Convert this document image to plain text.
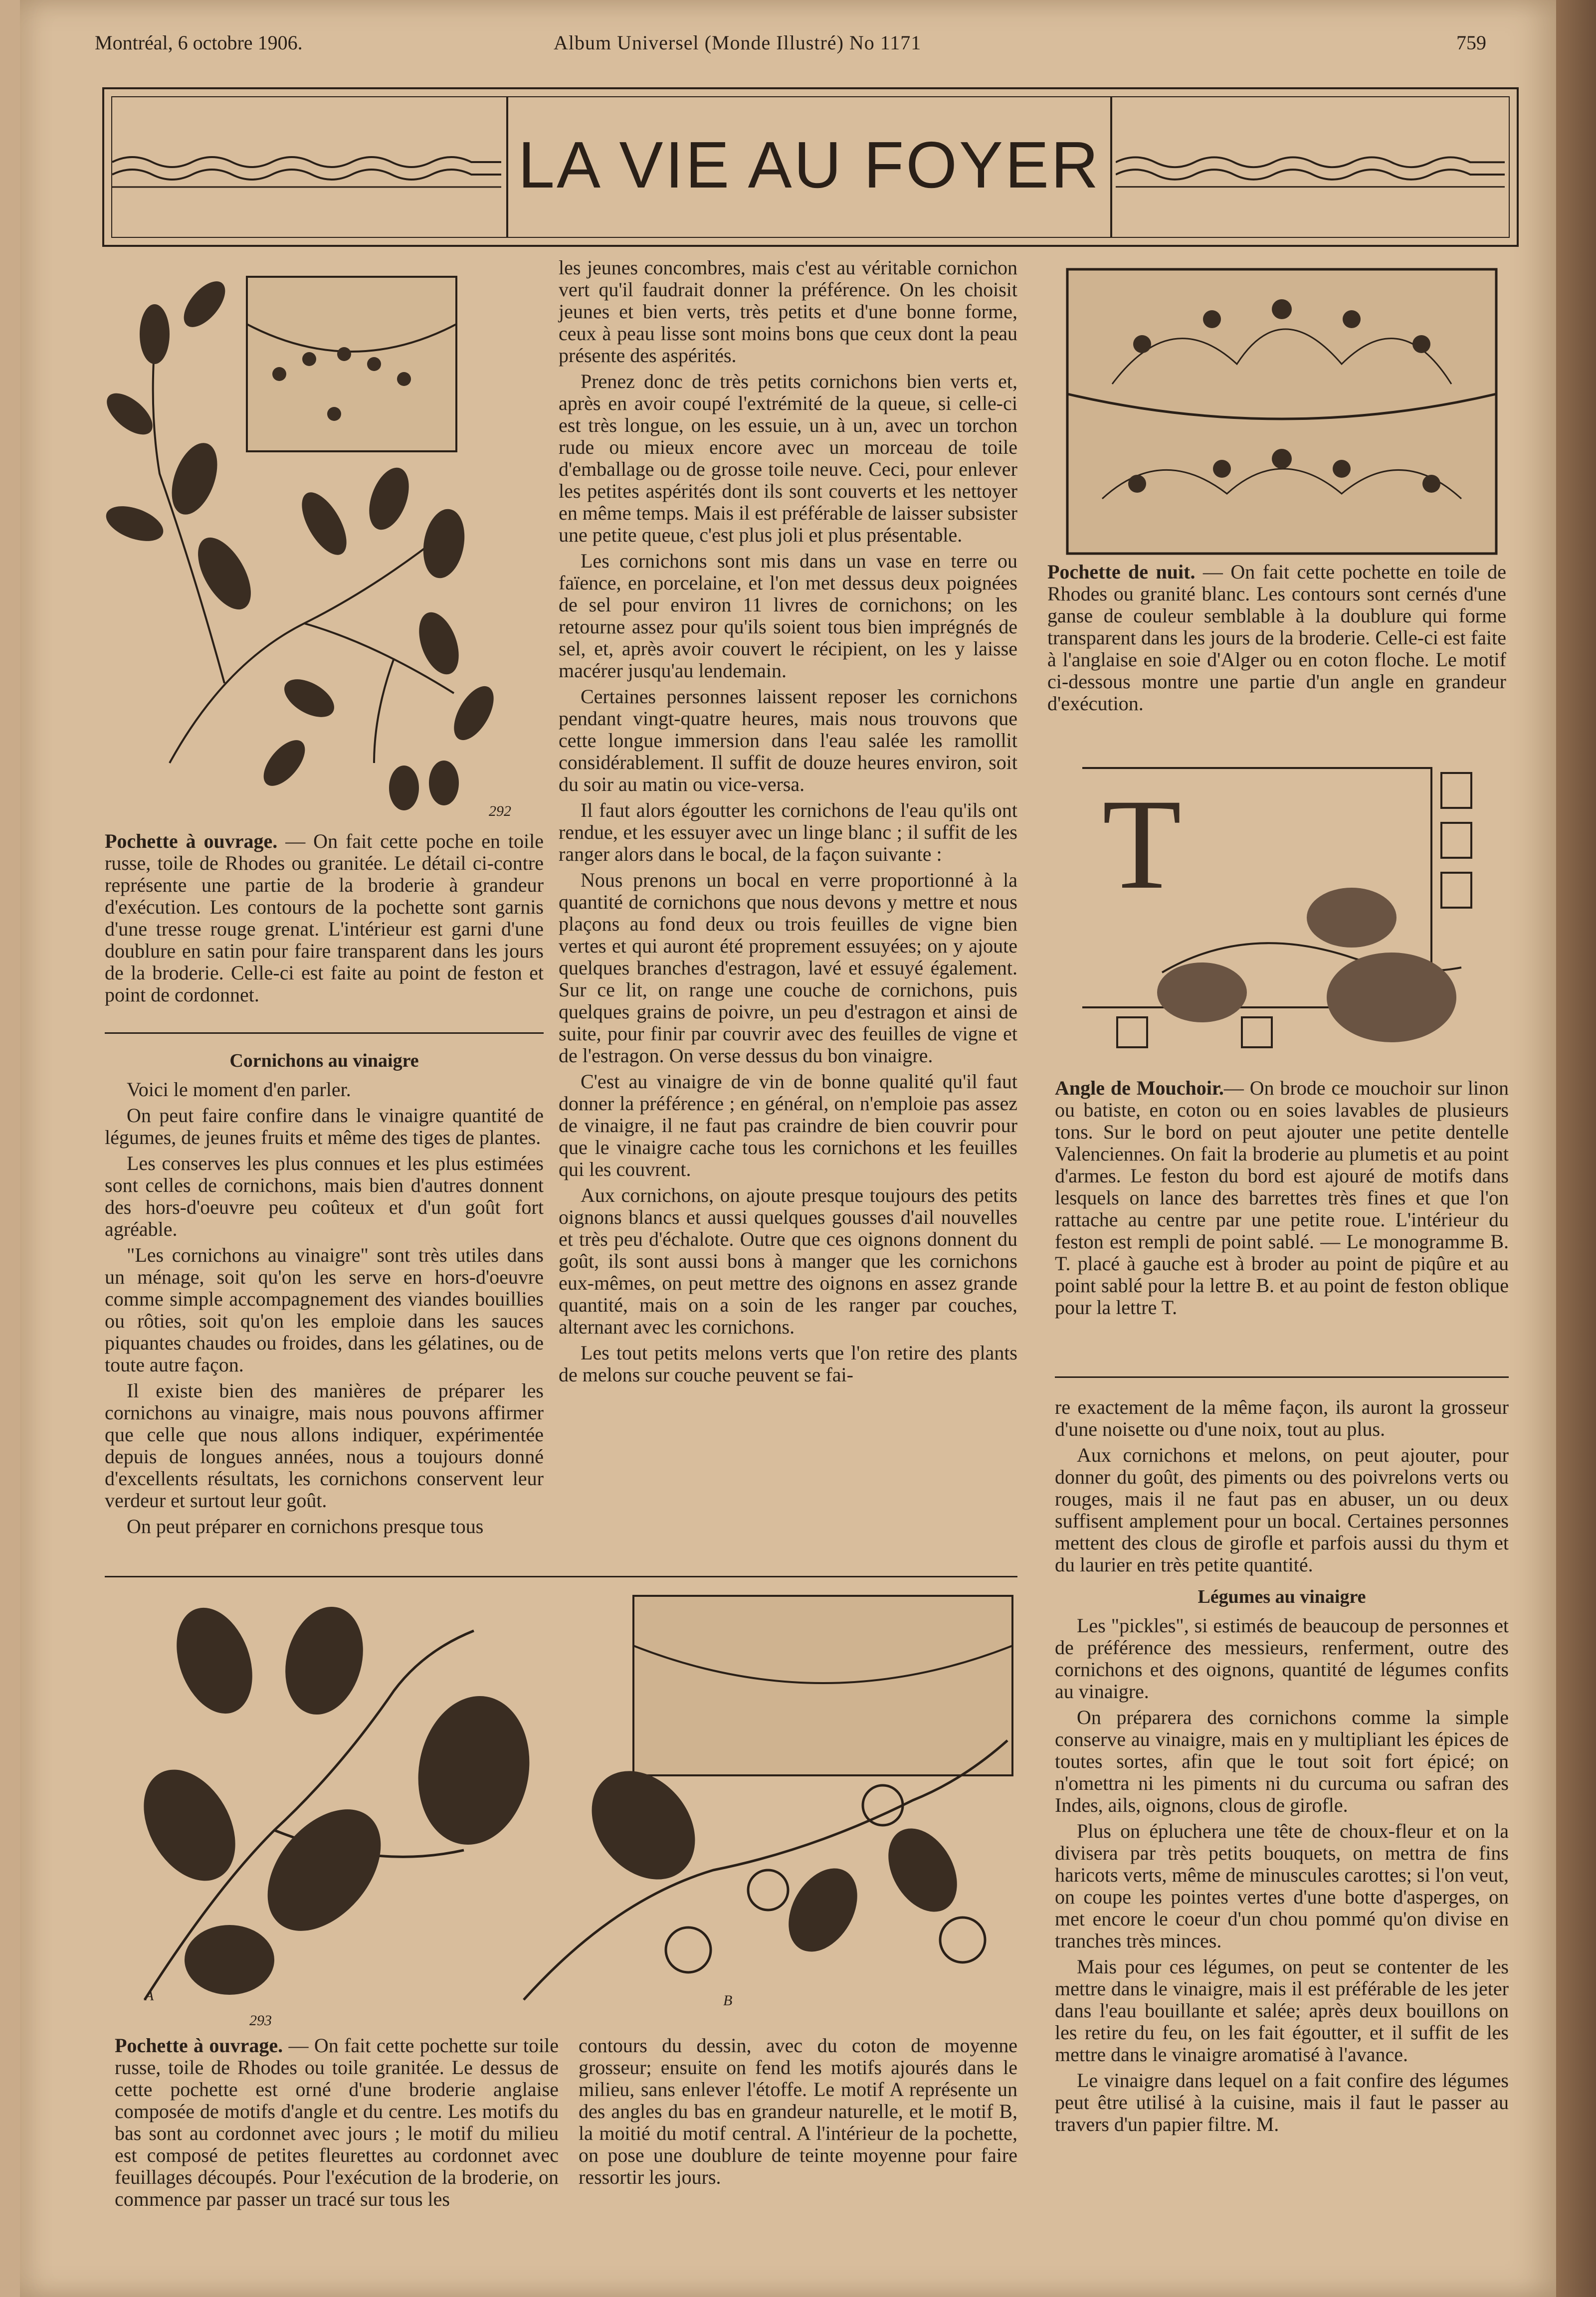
Montréal, 6 octobre 1906.	Album Universel (Monde Illustré) No 1171	759
LA VIE AU FOYER
292

Pochette à ouvrage. — On fait cette poche en toile russe, toile de Rhodes ou granitée. Le détail ci-contre représente une partie de la broderie à grandeur d'exécution. Les contours de la pochette sont garnis d'une tresse rouge grenat. L'intérieur est garni d'une doublure en satin pour faire transparent dans les jours de la broderie. Celle-ci est faite au point de feston et point de cordonnet.

Cornichons au vinaigre

Voici le moment d'en parler.

On peut faire confire dans le vinaigre quantité de légumes, de jeunes fruits et même des tiges de plantes.

Les conserves les plus connues et les plus estimées sont celles de cornichons, mais bien d'autres donnent des hors-d'oeuvre peu coûteux et d'un goût fort agréable.

"Les cornichons au vinaigre" sont très utiles dans un ménage, soit qu'on les serve en hors-d'oeuvre comme simple accompagnement des viandes bouillies ou rôties, soit qu'on les emploie dans les sauces piquantes chaudes ou froides, dans les gélatines, ou de toute autre façon.

Il existe bien des manières de préparer les cornichons au vinaigre, mais nous pouvons affirmer que celle que nous allons indiquer, expérimentée depuis de longues années, nous a toujours donné d'excellents résultats, les cornichons conservent leur verdeur et surtout leur goût.

On peut préparer en cornichons presque tous

les jeunes concombres, mais c'est au véritable cornichon vert qu'il faudrait donner la préférence. On les choisit jeunes et bien verts, très petits et d'une bonne forme, ceux à peau lisse sont moins bons que ceux dont la peau présente des aspérités.

Prenez donc de très petits cornichons bien verts et, après en avoir coupé l'extrémité de la queue, si celle-ci est très longue, on les essuie, un à un, avec un torchon rude ou mieux encore avec un morceau de toile d'emballage ou de grosse toile neuve. Ceci, pour enlever les petites aspérités dont ils sont couverts et les nettoyer en même temps. Mais il est préférable de laisser subsister une petite queue, c'est plus joli et plus présentable.

Les cornichons sont mis dans un vase en terre ou faïence, en porcelaine, et l'on met dessus deux poignées de sel pour environ 11 livres de cornichons; on les retourne assez pour qu'ils soient tous bien imprégnés de sel, et, après avoir couvert le récipient, on les y laisse macérer jusqu'au lendemain.

Certaines personnes laissent reposer les cornichons pendant vingt-quatre heures, mais nous trouvons que cette longue immersion dans l'eau salée les ramollit considérablement. Il suffit de douze heures environ, soit du soir au matin ou vice-versa.

Il faut alors égoutter les cornichons de l'eau qu'ils ont rendue, et les essuyer avec un linge blanc ; il suffit de les ranger alors dans le bocal, de la façon suivante :

Nous prenons un bocal en verre proportionné à la quantité de cornichons que nous devons y mettre et nous plaçons au fond deux ou trois feuilles de vigne bien vertes et qui auront été proprement essuyées; on y ajoute quelques branches d'estragon, lavé et essuyé également. Sur ce lit, on range une couche de cornichons, puis quelques grains de poivre, un peu d'estragon et ainsi de suite, pour finir par couvrir avec des feuilles de vigne et de l'estragon. On verse dessus du bon vinaigre.

C'est au vinaigre de vin de bonne qualité qu'il faut donner la préférence ; en général, on n'emploie pas assez de vinaigre, il ne faut pas craindre de bien couvrir pour que le vinaigre cache tous les cornichons et les feuilles qui les couvrent.

Aux cornichons, on ajoute presque toujours des petits oignons blancs et aussi quelques gousses d'ail nouvelles et très peu d'échalote. Outre que ces oignons donnent du goût, ils sont aussi bons à manger que les cornichons eux-mêmes, on peut mettre des oignons en assez grande quantité, mais on a soin de les ranger par couches, alternant avec les cornichons.

Les tout petits melons verts que l'on retire des plants de melons sur couche peuvent se fai-

Pochette de nuit. — On fait cette pochette en toile de Rhodes ou granité blanc. Les contours sont cernés d'une ganse de couleur semblable à la doublure qui forme transparent dans les jours de la broderie. Celle-ci est faite à l'anglaise en soie d'Alger ou en coton floche. Le motif ci-dessous montre une partie d'un angle en grandeur d'exécution.

T

Angle de Mouchoir.— On brode ce mouchoir sur linon ou batiste, en coton ou en soies lavables de plusieurs tons. Sur le bord on peut ajouter une petite dentelle Valenciennes. On fait la broderie au plumetis et au point d'armes. Le feston du bord est ajouré de motifs dans lesquels on lance des barrettes très fines et que l'on rattache au centre par une petite roue. L'intérieur du feston est rempli de point sablé. — Le monogramme B. T. placé à gauche est à broder au point de piqûre et au point sablé pour la lettre B. et au point de feston oblique pour la lettre T.

re exactement de la même façon, ils auront la grosseur d'une noisette ou d'une noix, tout au plus.

Aux cornichons et melons, on peut ajouter, pour donner du goût, des piments ou des poivrelons verts ou rouges, mais il ne faut pas en abuser, un ou deux suffisent amplement pour un bocal. Certaines personnes mettent des clous de girofle et parfois aussi du thym et du laurier en très petite quantité.

Légumes au vinaigre

Les "pickles", si estimés de beaucoup de personnes et de préférence des messieurs, renferment, outre des cornichons et des oignons, quantité de légumes confits au vinaigre.

On préparera des cornichons comme la simple conserve au vinaigre, mais en y multipliant les épices de toutes sortes, afin que le tout soit fort épicé; on n'omettra ni les piments ni du curcuma ou safran des Indes, ails, oignons, clous de girofle.

Plus on épluchera une tête de choux-fleur et on la divisera par très petits bouquets, on mettra de fins haricots verts, même de minuscules carottes; si l'on veut, on coupe les pointes vertes d'une botte d'asperges, on met encore le coeur d'un chou pommé qu'on divise en tranches très minces.

Mais pour ces légumes, on peut se contenter de les mettre dans le vinaigre, mais il est préférable de les jeter dans l'eau bouillante et salée; après deux bouillons on les retire du feu, on les fait égoutter, et il suffit de les mettre dans le vinaigre aromatisé à l'avance.

Le vinaigre dans lequel on a fait confire des légumes peut être utilisé à la cuisine, mais il faut le passer au travers d'un papier filtre. M.

A
293
B

Pochette à ouvrage. — On fait cette pochette sur toile russe, toile de Rhodes ou toile granitée. Le dessus de cette pochette est orné d'une broderie anglaise composée de motifs d'angle et du centre. Les motifs du bas sont au cordonnet avec jours ; le motif du milieu est composé de petites fleurettes au cordonnet avec feuillages découpés. Pour l'exécution de la broderie, on commence par passer un tracé sur tous les

contours du dessin, avec du coton de moyenne grosseur; ensuite on fend les motifs ajourés dans le milieu, sans enlever l'étoffe. Le motif A représente un des angles du bas en grandeur naturelle, et le motif B, la moitié du motif central. A l'intérieur de la pochette, on pose une doublure de teinte moyenne pour faire ressortir les jours.
